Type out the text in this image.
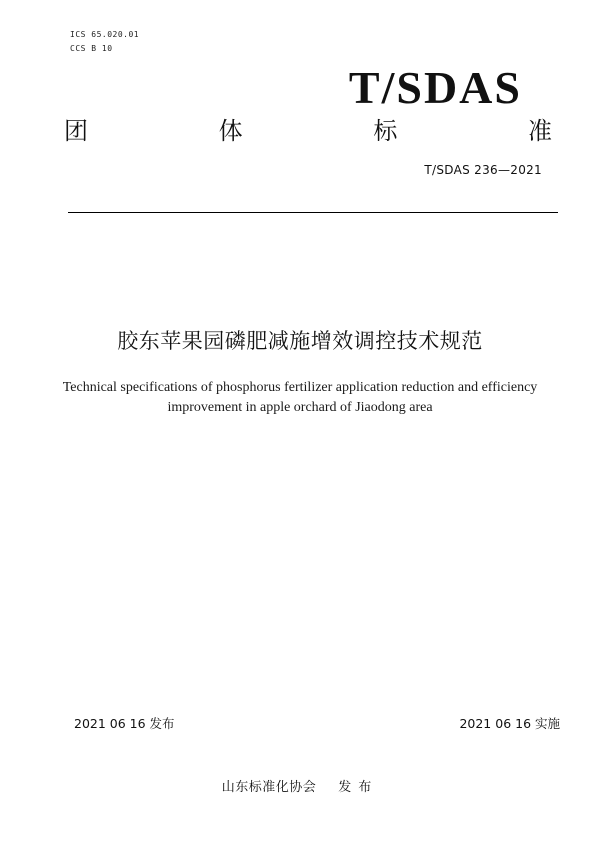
ICS 65.020.01
CCS B 10
T/SDAS
团	体	标	准
T/SDAS 236—2021
胶东苹果园磷肥减施增效调控技术规范
Technical specifications of phosphorus fertilizer application reduction and efficiency improvement in apple orchard of Jiaodong area
2021 06 16 发布	2021 06 16 实施
山东标准化协会 发布
